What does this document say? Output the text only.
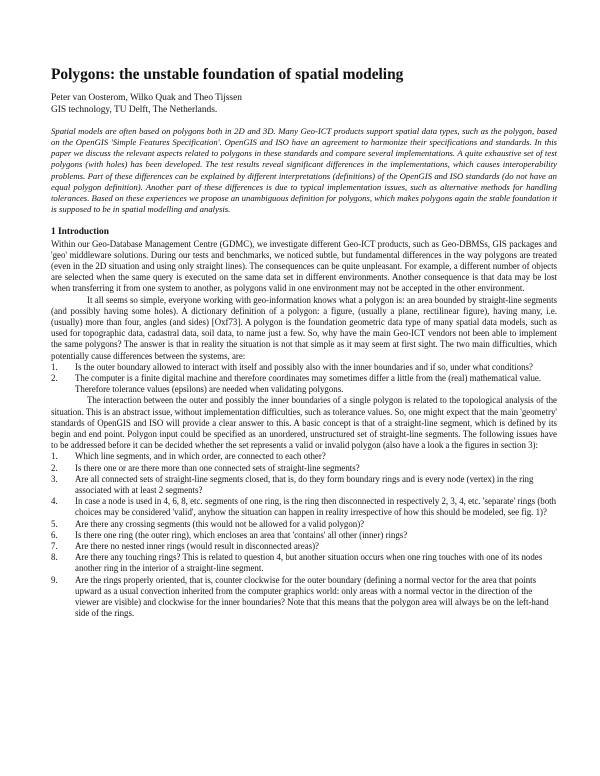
Polygons: the unstable foundation of spatial modeling

Peter van Oosterom, Wilko Quak and Theo Tijssen

GIS technology, TU Delft, The Netherlands.

Spatial models are often based on polygons both in 2D and 3D. Many Geo-ICT products support spatial data types, such as the polygon, based on the OpenGIS 'Simple Features Specification'. OpenGIS and ISO have an agreement to harmonize their specifications and standards. In this paper we discuss the relevant aspects related to polygons in these standards and compare several implementations. A quite exhaustive set of test polygons (with holes) has been developed. The test results reveal significant differences in the implementations, which causes interoperability problems. Part of these differences can be explained by different interpretations (definitions) of the OpenGIS and ISO standards (do not have an equal polygon definition). Another part of these differences is due to typical implementation issues, such as alternative methods for handling tolerances. Based on these experiences we propose an unambiguous definition for polygons, which makes polygons again the stable foundation it is supposed to be in spatial modelling and analysis.

1 Introduction

Within our Geo-Database Management Centre (GDMC), we investigate different Geo-ICT products, such as Geo-DBMSs, GIS packages and 'geo' middleware solutions. During our tests and benchmarks, we noticed subtle, but fundamental differences in the way polygons are treated (even in the 2D situation and using only straight lines). The consequences can be quite unpleasant. For example, a different number of objects are selected when the same query is executed on the same data set in different environments. Another consequence is that data may be lost when transferring it from one system to another, as polygons valid in one environment may not be accepted in the other environment.

It all seems so simple, everyone working with geo-information knows what a polygon is: an area bounded by straight-line segments (and possibly having some holes). A dictionary definition of a polygon: a figure, (usually a plane, rectilinear figure), having many, i.e. (usually) more than four, angles (and sides) [Oxf73]. A polygon is the foundation geometric data type of many spatial data models, such as used for topographic data, cadastral data, soil data, to name just a few. So, why have the main Geo-ICT vendors not been able to implement the same polygons? The answer is that in reality the situation is not that simple as it may seem at first sight. The two main difficulties, which potentially cause differences between the systems, are:

1.	Is the outer boundary allowed to interact with itself and possibly also with the inner boundaries and if so, under what conditions?
2.	The computer is a finite digital machine and therefore coordinates may sometimes differ a little from the (real) mathematical value. Therefore tolerance values (epsilons) are needed when validating polygons.

The interaction between the outer and possibly the inner boundaries of a single polygon is related to the topological analysis of the situation. This is an abstract issue, without implementation difficulties, such as tolerance values. So, one might expect that the main 'geometry' standards of OpenGIS and ISO will provide a clear answer to this. A basic concept is that of a straight-line segment, which is defined by its begin and end point. Polygon input could be specified as an unordered, unstructured set of straight-line segments. The following issues have to be addressed before it can be decided whether the set represents a valid or invalid polygon (also have a look a the figures in section 3):

1.	Which line segments, and in which order, are connected to each other?
2.	Is there one or are there more than one connected sets of straight-line segments?
3.	Are all connected sets of straight-line segments closed, that is, do they form boundary rings and is every node (vertex) in the ring associated with at least 2 segments?
4.	In case a node is used in 4, 6, 8, etc. segments of one ring, is the ring then disconnected in respectively 2, 3, 4, etc. 'separate' rings (both choices may be considered 'valid', anyhow the situation can happen in reality irrespective of how this should be modeled, see fig. 1)?
5.	Are there any crossing segments (this would not be allowed for a valid polygon)?
6.	Is there one ring (the outer ring), which encloses an area that 'contains' all other (inner) rings?
7.	Are there no nested inner rings (would result in disconnected areas)?
8.	Are there any touching rings? This is related to question 4, but another situation occurs when one ring touches with one of its nodes another ring in the interior of a straight-line segment.
9.	Are the rings properly oriented, that is, counter clockwise for the outer boundary (defining a normal vector for the area that points upward as a usual convection inherited from the computer graphics world: only areas with a normal vector in the direction of the viewer are visible) and clockwise for the inner boundaries? Note that this means that the polygon area will always be on the left-hand side of the rings.
